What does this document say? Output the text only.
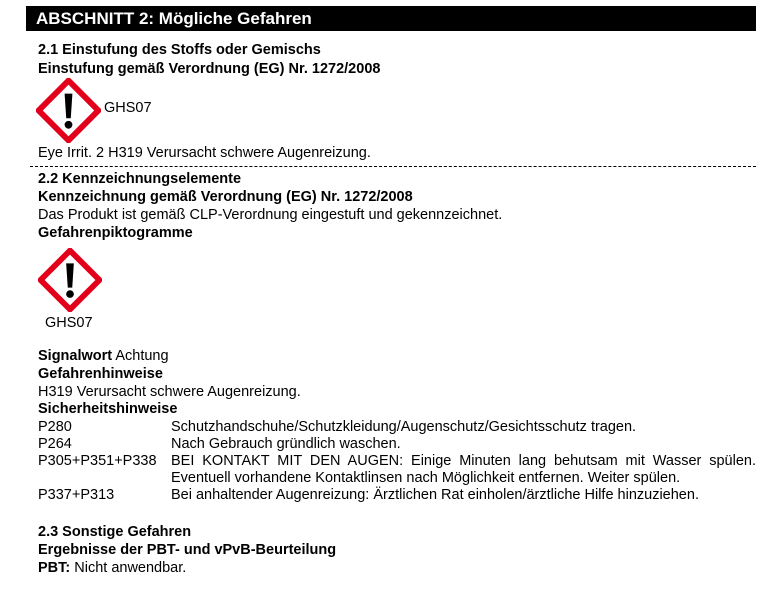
ABSCHNITT 2: Mögliche Gefahren
2.1 Einstufung des Stoffs oder Gemischs
Einstufung gemäß Verordnung (EG) Nr. 1272/2008
GHS07
Eye Irrit. 2 H319 Verursacht schwere Augenreizung.
2.2 Kennzeichnungselemente
Kennzeichnung gemäß Verordnung (EG) Nr. 1272/2008
Das Produkt ist gemäß CLP-Verordnung eingestuft und gekennzeichnet.
Gefahrenpiktogramme
GHS07
Signalwort Achtung
Gefahrenhinweise
H319 Verursacht schwere Augenreizung.
Sicherheitshinweise
P280	Schutzhandschuhe/Schutzkleidung/Augenschutz/Gesichtsschutz tragen.
P264	Nach Gebrauch gründlich waschen.
P305+P351+P338 BEI KONTAKT MIT DEN AUGEN: Einige Minuten lang behutsam mit Wasser spülen. Eventuell vorhandene Kontaktlinsen nach Möglichkeit entfernen. Weiter spülen.
P337+P313	Bei anhaltender Augenreizung: Ärztlichen Rat einholen/ärztliche Hilfe hinzuziehen.
2.3 Sonstige Gefahren
Ergebnisse der PBT- und vPvB-Beurteilung
PBT: Nicht anwendbar.
